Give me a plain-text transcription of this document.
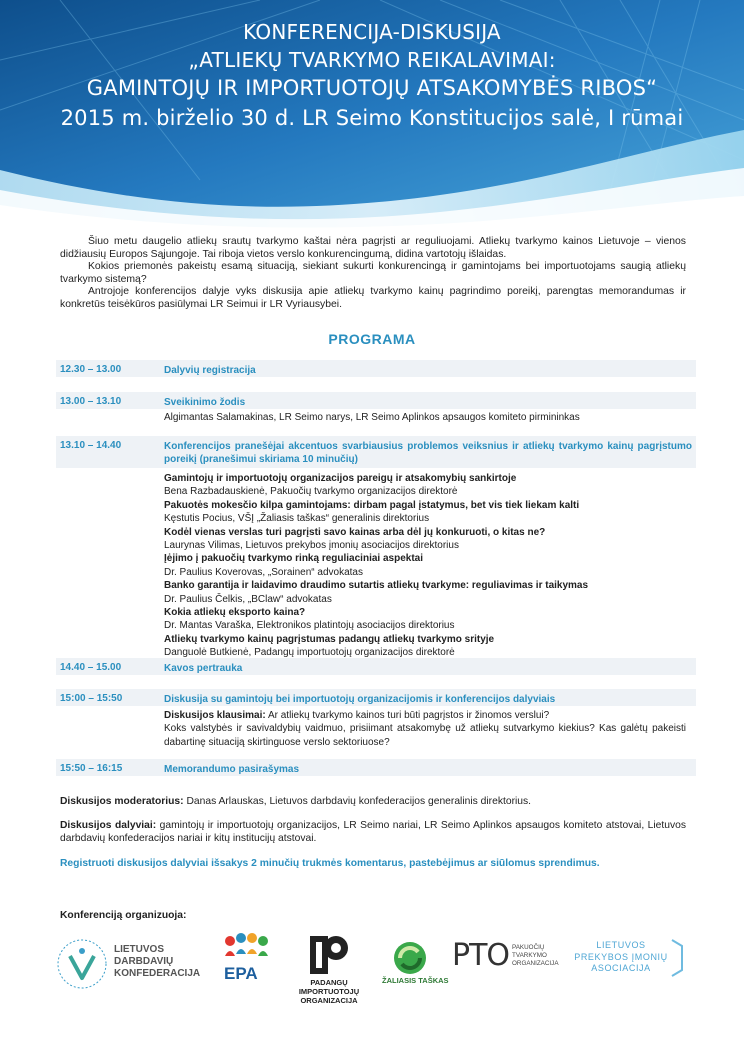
KONFERENCIJA-DISKUSIJA
„ATLIEKŲ TVARKYMO REIKALAVIMAI:
GAMINTOJŲ IR IMPORTUOTOJŲ ATSAKOMYBĖS RIBOS“
2015 m. birželio 30 d. LR Seimo Konstitucijos salė, I rūmai

Šiuo metu daugelio atliekų srautų tvarkymo kaštai nėra pagrįsti ar reguliuojami. Atliekų tvarkymo kainos Lietuvoje – vienos didžiausių Europos Sąjungoje. Tai riboja vietos verslo konkurencingumą, didina vartotojų išlaidas.

Kokios priemonės pakeistų esamą situaciją, siekiant sukurti konkurencingą ir gamintojams bei importuotojams saugią atliekų tvarkymo sistemą?

Antrojoje konferencijos dalyje vyks diskusija apie atliekų tvarkymo kainų pagrindimo poreikį, parengtas memorandumas ir konkretūs teisėkūros pasiūlymai LR Seimui ir LR Vyriausybei.

PROGRAMA
12.30 – 13.00	Dalyvių registracija
13.00 – 13.10	Sveikinimo žodis
Algimantas Salamakinas, LR Seimo narys, LR Seimo Aplinkos apsaugos komiteto pirmininkas
13.10 – 14.40	Konferencijos pranešėjai akcentuos svarbiausius problemos veiksnius ir atliekų tvarkymo kainų pagrįstumo poreikį (pranešimui skiriama 10 minučių)
Gamintojų ir importuotojų organizacijos pareigų ir atsakomybių sankirtoje
Bena Razbadauskienė, Pakuočių tvarkymo organizacijos direktorė
Pakuotės mokesčio kilpa gamintojams: dirbam pagal įstatymus, bet vis tiek liekam kalti
Kęstutis Pocius, VŠĮ „Žaliasis taškas“ generalinis direktorius
Kodėl vienas verslas turi pagrįsti savo kainas arba dėl jų konkuruoti, o kitas ne?
Laurynas Vilimas, Lietuvos prekybos įmonių asociacijos direktorius
Įėjimo į pakuočių tvarkymo rinką reguliaciniai aspektai
Dr. Paulius Koverovas, „Sorainen“ advokatas
Banko garantija ir laidavimo draudimo sutartis atliekų tvarkyme: reguliavimas ir taikymas
Dr. Paulius Čelkis, „BClaw“ advokatas
Kokia atliekų eksporto kaina?
Dr. Mantas Varaška, Elektronikos platintojų asociacijos direktorius
Atliekų tvarkymo kainų pagrįstumas padangų atliekų tvarkymo srityje
Danguolė Butkienė, Padangų importuotojų organizacijos direktorė
14.40 – 15.00	Kavos pertrauka
15:00 – 15:50	Diskusija su gamintojų bei importuotojų organizacijomis ir konferencijos dalyviais
Diskusijos klausimai: Ar atliekų tvarkymo kainos turi būti pagrįstos ir žinomos verslui?
Koks valstybės ir savivaldybių vaidmuo, prisiimant atsakomybę už atliekų sutvarkymo kiekius? Kas galėtų pakeisti dabartinę situaciją skirtinguose verslo sektoriuose?
15:50 – 16:15	Memorandumo pasirašymas
Diskusijos moderatorius: Danas Arlauskas, Lietuvos darbdavių konfederacijos generalinis direktorius.
Diskusijos dalyviai: gamintojų ir importuotojų organizacijos, LR Seimo nariai, LR Seimo Aplinkos apsaugos komiteto atstovai, Lietuvos darbdavių konfederacijos nariai ir kitų institucijų atstovai.
Registruoti diskusijos dalyviai išsakys 2 minučių trukmės komentarus, pastebėjimus ar siūlomus sprendimus.
Konferenciją organizuoja:
LIETUVOS
DARBDAVIŲ
KONFEDERACIJA EPA	PADANGŲ
IMPORTUOTOJŲ
ORGANIZACIJA
ŽALIASIS TAŠKAS
PTO PAKUOČIŲ
TVARKYMO
ORGANIZACIJA
LIETUVOS
PREKYBOS ĮMONIŲ
ASOCIACIJA
